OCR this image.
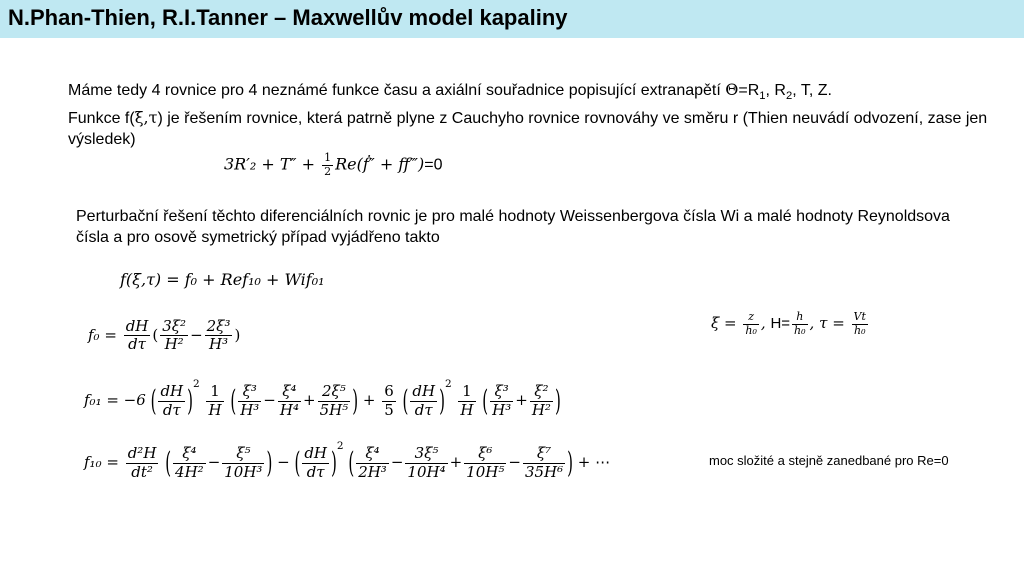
N.Phan-Thien, R.I.Tanner – Maxwellův model kapaliny
Máme tedy 4 rovnice pro 4 neznámé funkce času a axiální souřadnice popisující extranapětí $\Theta=R_1$, $R_2$, T, Z.
Funkce f(ξ,τ) je řešením rovnice, která patrně plyne z Cauchyho rovnice rovnováhy ve směru r (Thien neuvádí odvození, zase jen výsledek)
$3R'_2 + T'' + \frac{1}{2}$ Re(ḟ″ + ff‴)=0
Perturbační řešení těchto diferenciálních rovnic je pro malé hodnoty Weissenbergova čísla Wi a malé hodnoty Reynoldsova čísla a pro osově symetrický případ vyjádřeno takto
f(ξ,τ) = f₀ + Ref₁₀ + Wif₀₁
$\xi = \frac{z}{\text{h₀}}$ , $H= \frac{h}{\text{h₀}}$ , $\tau = \frac{Vt}{\text{h₀}}$
$f_0 = \frac{dH}{d\tau}$ ( $\frac{\text{3ξ²}}{\text{H²}} - \frac{\text{2ξ³}}{\text{H³}}$ )
f₀₁ = −6 ( $\frac{dH}{d\tau} )^2 \frac{1}{H}$ ( $\frac{\text{ξ³}}{\text{H³}} - \frac{\text{ξ⁴}}{\text{H⁴}} + \frac{\text{2ξ⁵}}{\text{5H⁵}}$ ) + $\frac{6}{5}$ ( $\frac{dH}{d\tau} )^2 \frac{1}{H}$ ( $\frac{\text{ξ³}}{\text{H³}} + \frac{\text{ξ²}}{\text{H²}}$ )
$f_{10} = \frac{\text{d²H}}{\text{dt²}}$ ( $\frac{\text{ξ⁴}}{\text{4H²}} - \frac{\text{ξ⁵}}{\text{10H³}}$ ) − ( $\frac{dH}{d\tau} )^2$ ( $\frac{\text{ξ⁴}}{\text{2H³}} - \frac{\text{3ξ⁵}}{\text{10H⁴}} + \frac{\text{ξ⁶}}{\text{10H⁵}} - \frac{\text{ξ⁷}}{\text{35H⁶}}$ ) + ⋯	moc složité a stejně zanedbané pro Re=0
